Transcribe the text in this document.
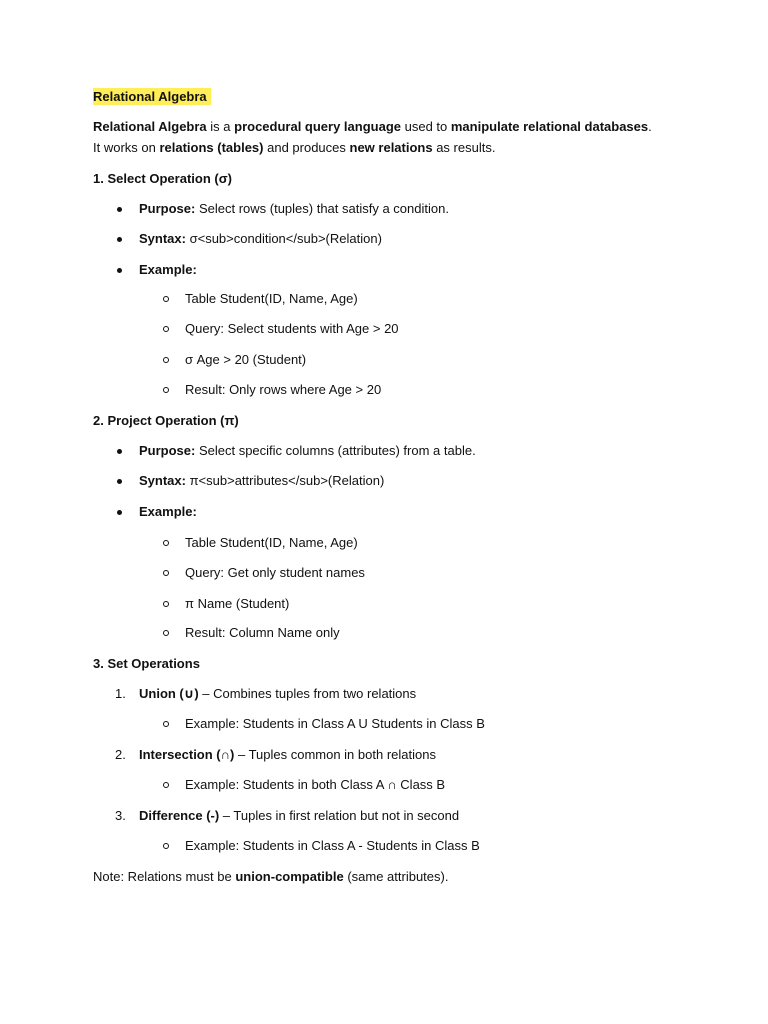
Relational Algebra
Relational Algebra is a procedural query language used to manipulate relational databases.
It works on relations (tables) and produces new relations as results.
1. Select Operation (σ)
Purpose: Select rows (tuples) that satisfy a condition.
Syntax: σ<sub>condition</sub>(Relation)
Example:
Table Student(ID, Name, Age)
Query: Select students with Age > 20
σ Age > 20 (Student)
Result: Only rows where Age > 20
2. Project Operation (π)
Purpose: Select specific columns (attributes) from a table.
Syntax: π<sub>attributes</sub>(Relation)
Example:
Table Student(ID, Name, Age)
Query: Get only student names
π Name (Student)
Result: Column Name only
3. Set Operations
1. Union (∪) – Combines tuples from two relations
Example: Students in Class A U Students in Class B
2. Intersection (∩) – Tuples common in both relations
Example: Students in both Class A ∩ Class B
3. Difference (-) – Tuples in first relation but not in second
Example: Students in Class A - Students in Class B
Note: Relations must be union-compatible (same attributes).
